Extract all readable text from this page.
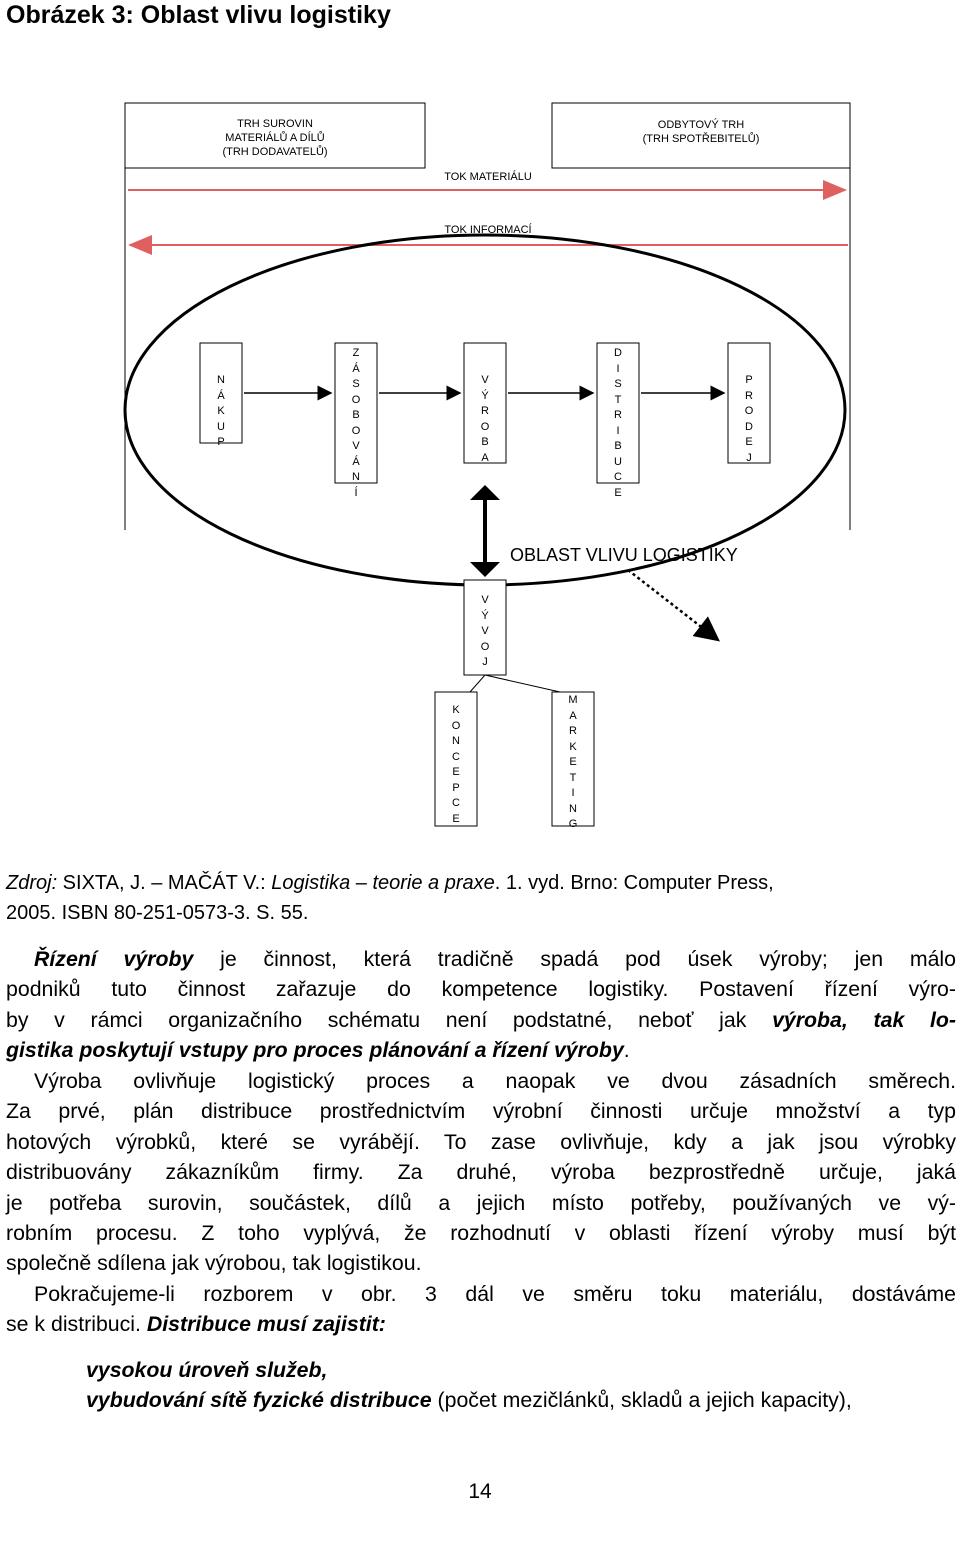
Obrázek 3: Oblast vlivu logistiky
TRH SUROVIN
MATERIÁLŮ A DÍLŮ
(TRH DODAVATELŮ)
ODBYTOVÝ TRH
(TRH SPOTŘEBITELŮ)
TOK MATERIÁLU
TOK INFORMACÍ
N
Á
K
U
P
Z
Á
S
O
B
O
V
Á
N
Í
V
Ý
R
O
B
A
D
I
S
T
R
I
B
U
C
E
P
R
O
D
E
J
OBLAST VLIVU LOGISTIKY
V
Ý
V
O
J
K
O
N
C
E
P
C
E
M
A
R
K
E
T
I
N
G
Zdroj: SIXTA, J. – MAČÁT V.: Logistika – teorie a praxe. 1. vyd. Brno: Computer Press,
2005. ISBN 80-251-0573-3. S. 55.
Řízení výroby je činnost, která tradičně spadá pod úsek výroby; jen málo
podniků tuto činnost zařazuje do kompetence logistiky. Postavení řízení výro-
by v rámci organizačního schématu není podstatné, neboť jak výroba, tak lo-
gistika poskytují vstupy pro proces plánování a řízení výroby.
Výroba ovlivňuje logistický proces a naopak ve dvou zásadních směrech.
Za prvé, plán distribuce prostřednictvím výrobní činnosti určuje množství a typ
hotových výrobků, které se vyrábějí. To zase ovlivňuje, kdy a jak jsou výrobky
distribuovány zákazníkům firmy. Za druhé, výroba bezprostředně určuje, jaká
je potřeba surovin, součástek, dílů a jejich místo potřeby, používaných ve vý-
robním procesu. Z toho vyplývá, že rozhodnutí v oblasti řízení výroby musí být
společně sdílena jak výrobou, tak logistikou.
Pokračujeme-li rozborem v obr. 3 dál ve směru toku materiálu, dostáváme
se k distribuci. Distribuce musí zajistit:
vysokou úroveň služeb,
vybudování sítě fyzické distribuce (počet mezičlánků, skladů a jejich kapacity),
14
